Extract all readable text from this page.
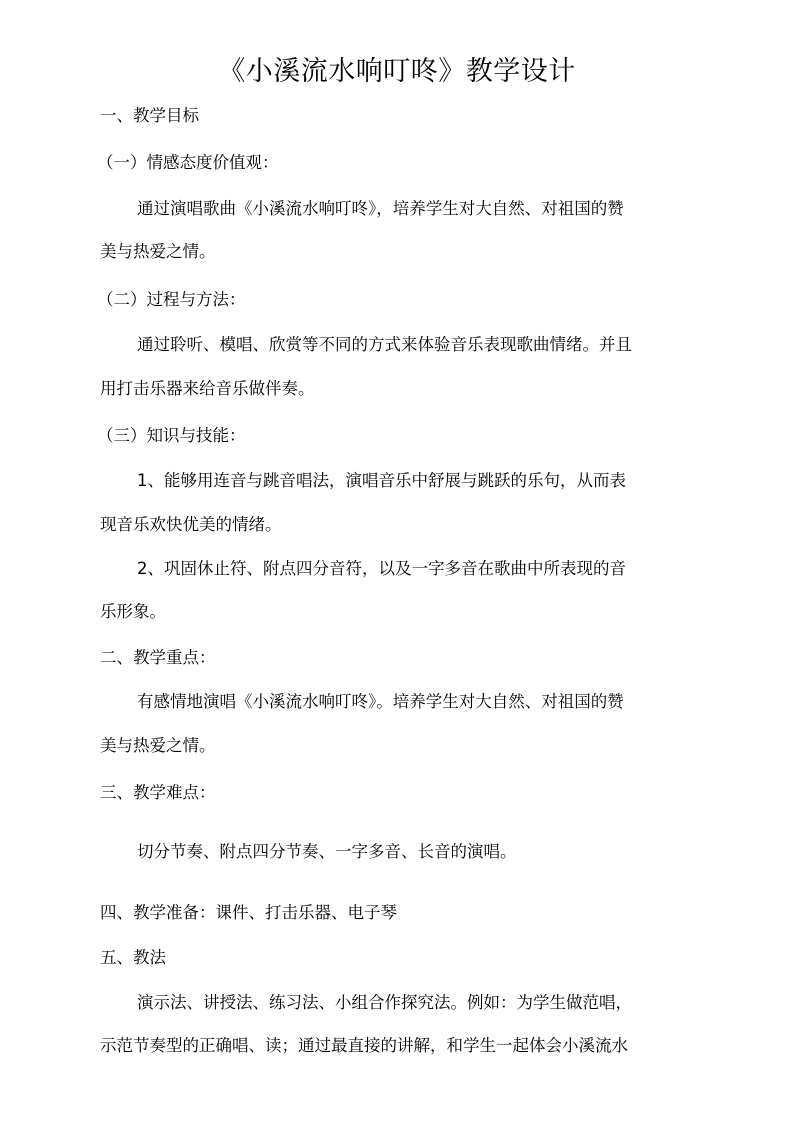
《小溪流水响叮咚》教学设计
一、教学目标
（一）情感态度价值观：
通过演唱歌曲《小溪流水响叮咚》，培养学生对大自然、对祖国的赞
美与热爱之情。
（二）过程与方法：
通过聆听、模唱、欣赏等不同的方式来体验音乐表现歌曲情绪。并且
用打击乐器来给音乐做伴奏。
（三）知识与技能：
1、能够用连音与跳音唱法，演唱音乐中舒展与跳跃的乐句，从而表
现音乐欢快优美的情绪。
2、巩固休止符、附点四分音符，以及一字多音在歌曲中所表现的音
乐形象。
二、教学重点：
有感情地演唱《小溪流水响叮咚》。培养学生对大自然、对祖国的赞
美与热爱之情。
三、教学难点：
切分节奏、附点四分节奏、一字多音、长音的演唱。
四、教学准备：课件、打击乐器、电子琴
五、教法
演示法、讲授法、练习法、小组合作探究法。例如：为学生做范唱，
示范节奏型的正确唱、读；通过最直接的讲解，和学生一起体会小溪流水
